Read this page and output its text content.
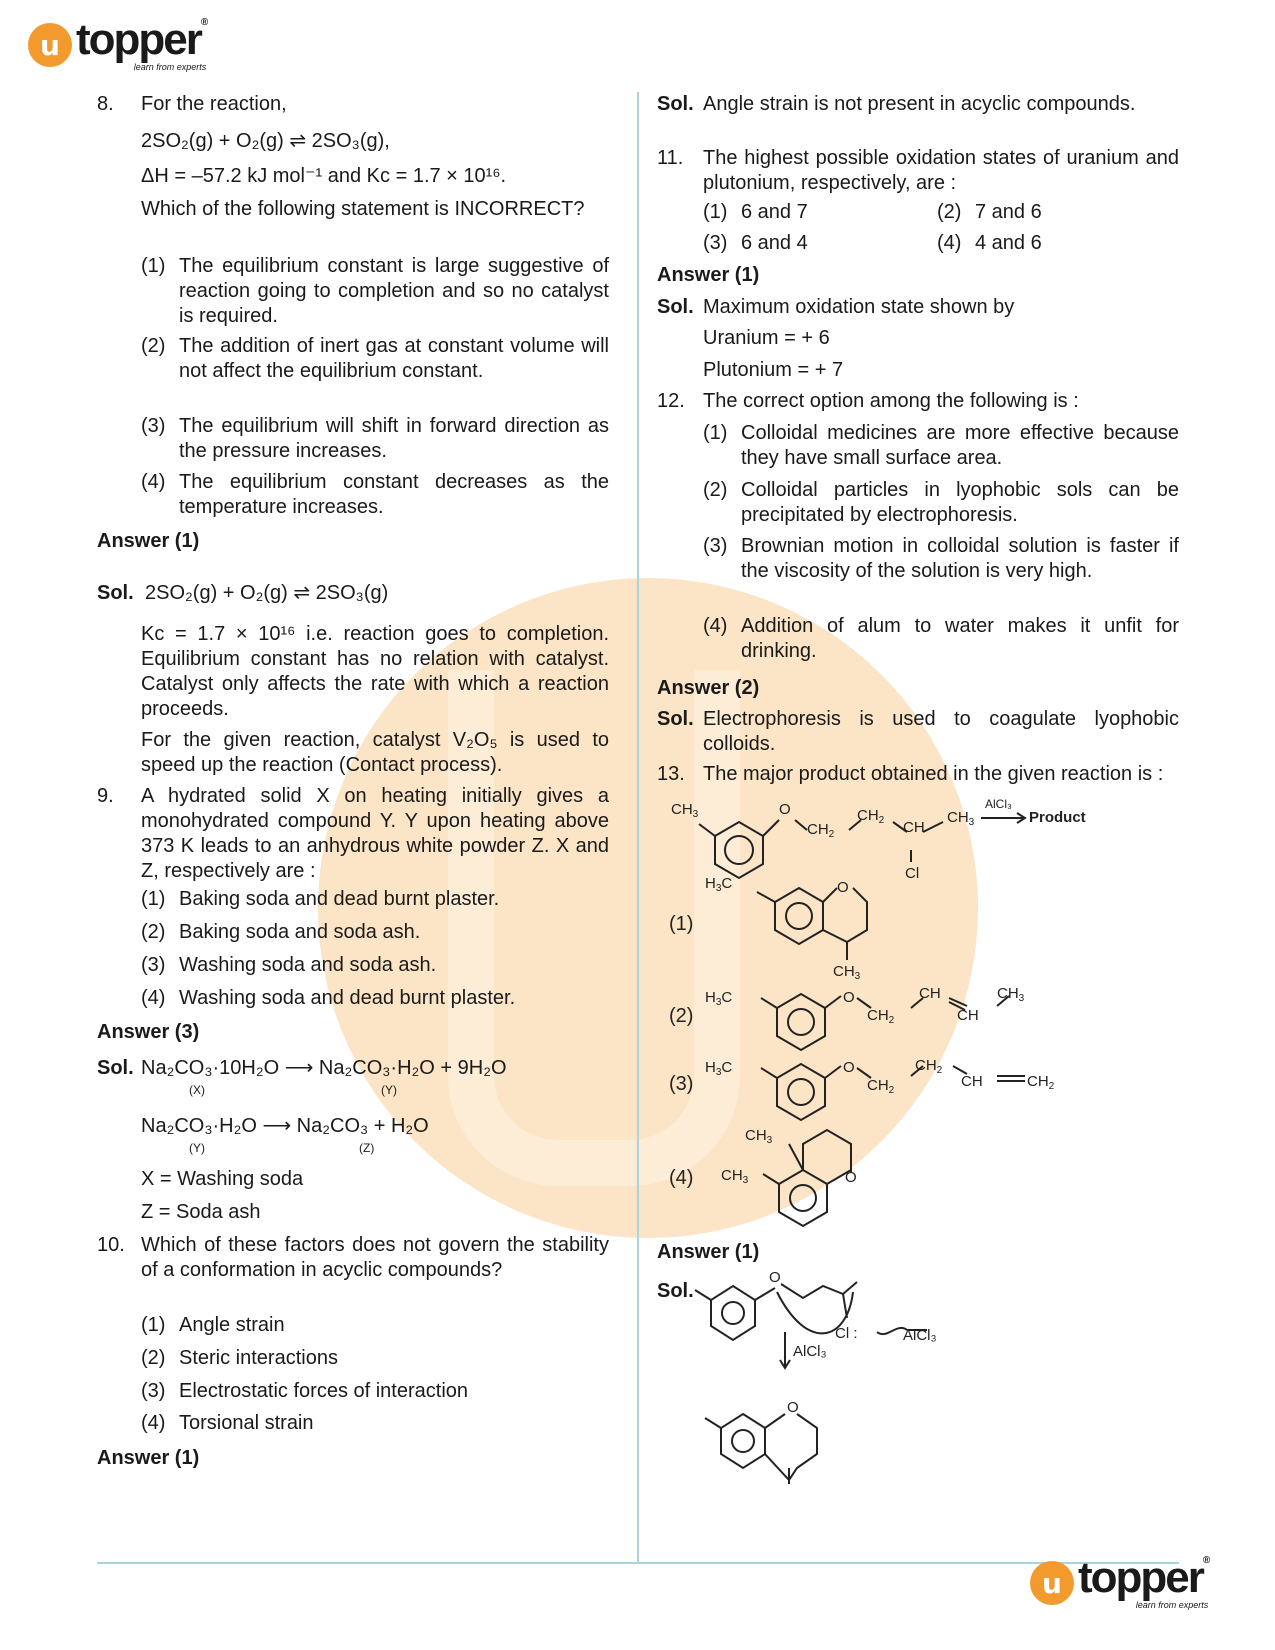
u topper®
learn from experts
8. For the reaction,
2SO₂(g) + O₂(g) ⇌ 2SO₃(g),
ΔH = –57.2 kJ mol⁻¹ and Kc = 1.7 × 10¹⁶.
Which of the following statement is INCORRECT?
(1) The equilibrium constant is large suggestive of reaction going to completion and so no catalyst is required.
(2) The addition of inert gas at constant volume will not affect the equilibrium constant.
(3) The equilibrium will shift in forward direction as the pressure increases.
(4) The equilibrium constant decreases as the temperature increases.
Answer (1)
Sol. 2SO₂(g) + O₂(g) ⇌ 2SO₃(g)
Kc = 1.7 × 10¹⁶ i.e. reaction goes to completion. Equilibrium constant has no relation with catalyst. Catalyst only affects the rate with which a reaction proceeds.
For the given reaction, catalyst V₂O₅ is used to speed up the reaction (Contact process).
9. A hydrated solid X on heating initially gives a monohydrated compound Y. Y upon heating above 373 K leads to an anhydrous white powder Z. X and Z, respectively are :
(1) Baking soda and dead burnt plaster.
(2) Baking soda and soda ash.
(3) Washing soda and soda ash.
(4) Washing soda and dead burnt plaster.
Answer (3)
Sol. Na₂CO₃·10H₂O ⟶ Na₂CO₃·H₂O + 9H₂O
(X)	(Y)
Na₂CO₃·H₂O ⟶ Na₂CO₃ + H₂O
(Y)	(Z)
X = Washing soda
Z = Soda ash
10. Which of these factors does not govern the stability of a conformation in acyclic compounds?
(1) Angle strain
(2) Steric interactions
(3) Electrostatic forces of interaction
(4) Torsional strain
Answer (1)
Sol. Angle strain is not present in acyclic compounds.
11. The highest possible oxidation states of uranium and plutonium, respectively, are :
(1) 6 and 7	(2) 7 and 6
(3) 6 and 4	(4) 4 and 6
Answer (1)
Sol. Maximum oxidation state shown by
Uranium = + 6
Plutonium = + 7
12. The correct option among the following is :
(1) Colloidal medicines are more effective because they have small surface area.
(2) Colloidal particles in lyophobic sols can be precipitated by electrophoresis.
(3) Brownian motion in colloidal solution is faster if the viscosity of the solution is very high.
(4) Addition of alum to water makes it unfit for drinking.
Answer (2)
Sol. Electrophoresis is used to coagulate lyophobic colloids.
13. The major product obtained in the given reaction is :
$CH_3$	O
$CH_2$
$CH_2$ CH
Cl
$CH_3$
AlCl₃
Product
$H_3C$	O
(1)
$CH_3$
$H_3C$	O
(2)	$CH_2$
CH
CH
$CH_3$
$H_3C$	O
(3)	$CH_2$
$CH_2$
CH	$CH_2$
$CH_3$
O
(4) $CH_3$
Answer (1)
Sol.
O
Cl :	AlCl₃
AlCl₃
O
u topper®
learn from experts
